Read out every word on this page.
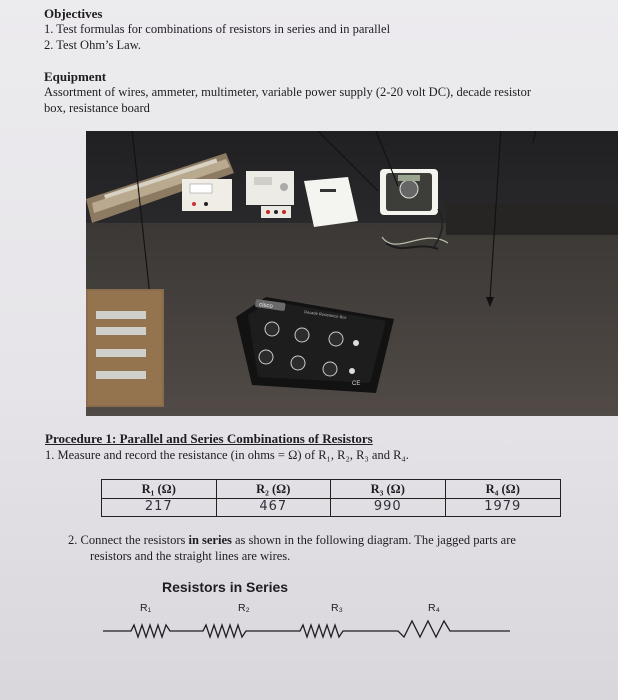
Objectives
1. Test formulas for combinations of resistors in series and in parallel
2. Test Ohm’s Law.
Equipment
Assortment of wires, ammeter, multimeter, variable power supply (2-20 volt DC), decade resistor
box, resistance board
cisco
Decade Resistance Box
CE
Procedure 1: Parallel and Series Combinations of Resistors
1. Measure and record the resistance (in ohms = Ω) of R₁, R₂, R₃ and R₄.
R₁ (Ω)	R₂ (Ω)	R₃ (Ω)	R₄ (Ω)
217	467	990	1979
2. Connect the resistors in series as shown in the following diagram. The jagged parts are
resistors and the straight lines are wires.
Resistors in Series
R₁	R₂	R₃	R₄
